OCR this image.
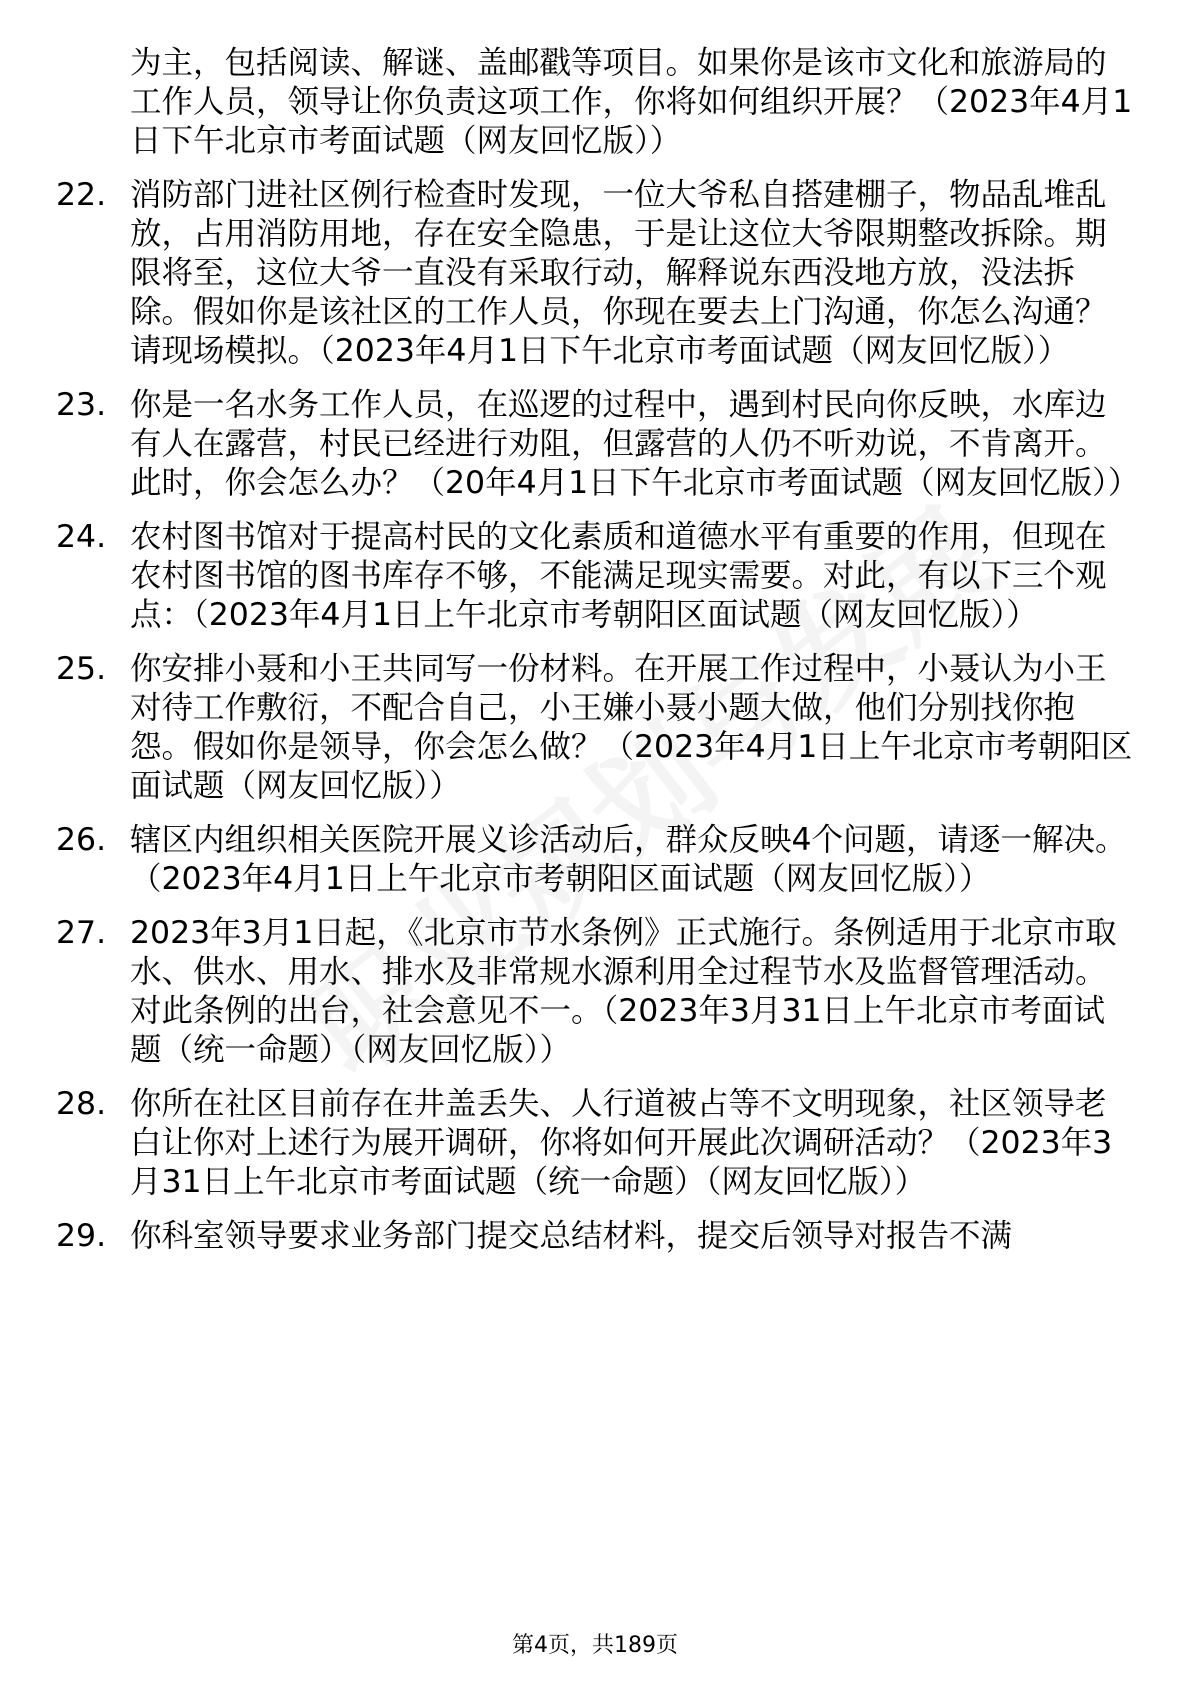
为主，包括阅读、解谜、盖邮戳等项目。如果你是该市文化和旅游局的工作人员，领导让你负责这项工作，你将如何组织开展？（2023年4月1日下午北京市考面试题（网友回忆版））
22. 消防部门进社区例行检查时发现，一位大爷私自搭建棚子，物品乱堆乱放，占用消防用地，存在安全隐患，于是让这位大爷限期整改拆除。期限将至，这位大爷一直没有采取行动，解释说东西没地方放，没法拆除。假如你是该社区的工作人员，你现在要去上门沟通，你怎么沟通？请现场模拟。（2023年4月1日下午北京市考面试题（网友回忆版））
23. 你是一名水务工作人员，在巡逻的过程中，遇到村民向你反映，水库边有人在露营，村民已经进行劝阻，但露营的人仍不听劝说，不肯离开。此时，你会怎么办？（20年4月1日下午北京市考面试题（网友回忆版））
24. 农村图书馆对于提高村民的文化素质和道德水平有重要的作用，但现在农村图书馆的图书库存不够，不能满足现实需要。对此，有以下三个观点：（2023年4月1日上午北京市考朝阳区面试题（网友回忆版））
25. 你安排小聂和小王共同写一份材料。在开展工作过程中，小聂认为小王对待工作敷衍，不配合自己，小王嫌小聂小题大做，他们分别找你抱怨。假如你是领导，你会怎么做？（2023年4月1日上午北京市考朝阳区面试题（网友回忆版））
26. 辖区内组织相关医院开展义诊活动后，群众反映4个问题，请逐一解决。（2023年4月1日上午北京市考朝阳区面试题（网友回忆版））
27. 2023年3月1日起，《北京市节水条例》正式施行。条例适用于北京市取水、供水、用水、排水及非常规水源利用全过程节水及监督管理活动。对此条例的出台，社会意见不一。（2023年3月31日上午北京市考面试题（统一命题）（网友回忆版））
28. 你所在社区目前存在井盖丢失、人行道被占等不文明现象，社区领导老白让你对上述行为展开调研，你将如何开展此次调研活动？（2023年3月31日上午北京市考面试题（统一命题）（网友回忆版））
29. 你科室领导要求业务部门提交总结材料，提交后领导对报告不满
第4页，共189页
